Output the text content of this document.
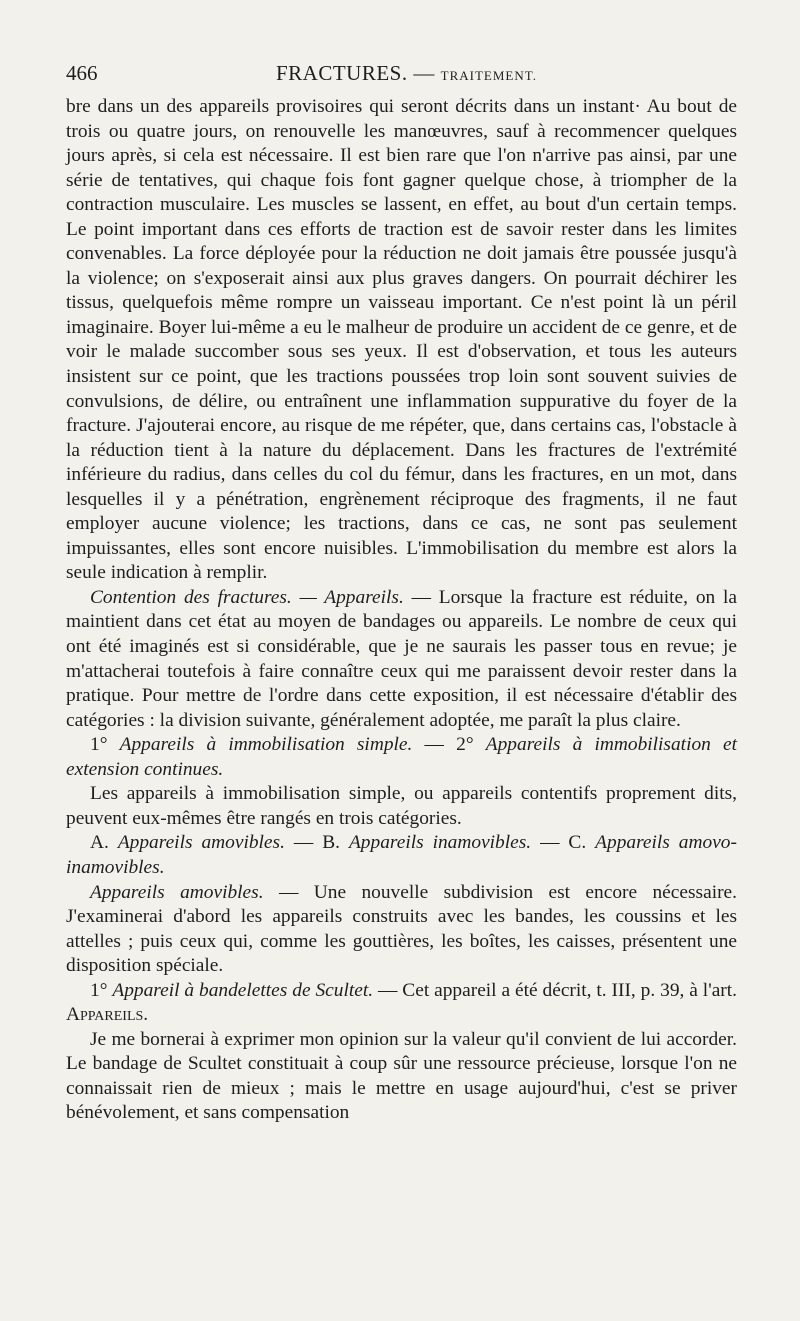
466	FRACTURES. — TRAITEMENT.

bre dans un des appareils provisoires qui seront décrits dans un instant· Au bout de trois ou quatre jours, on renouvelle les manœuvres, sauf à recommencer quelques jours après, si cela est nécessaire. Il est bien rare que l'on n'arrive pas ainsi, par une série de tentatives, qui chaque fois font gagner quelque chose, à triompher de la contraction musculaire. Les muscles se lassent, en effet, au bout d'un certain temps. Le point important dans ces efforts de traction est de savoir rester dans les limites convenables. La force déployée pour la réduction ne doit jamais être poussée jusqu'à la violence; on s'exposerait ainsi aux plus graves dangers. On pourrait déchirer les tissus, quelquefois même rompre un vaisseau important. Ce n'est point là un péril imaginaire. Boyer lui-même a eu le malheur de produire un accident de ce genre, et de voir le malade succomber sous ses yeux. Il est d'observation, et tous les auteurs insistent sur ce point, que les tractions poussées trop loin sont souvent suivies de convulsions, de délire, ou entraînent une inflammation suppurative du foyer de la fracture. J'ajouterai encore, au risque de me répéter, que, dans certains cas, l'obstacle à la réduction tient à la nature du déplacement. Dans les fractures de l'extrémité inférieure du radius, dans celles du col du fémur, dans les fractures, en un mot, dans lesquelles il y a pénétration, engrènement réciproque des fragments, il ne faut employer aucune violence; les tractions, dans ce cas, ne sont pas seulement impuissantes, elles sont encore nuisibles. L'immobilisation du membre est alors la seule indication à remplir.

Contention des fractures. — Appareils. — Lorsque la fracture est réduite, on la maintient dans cet état au moyen de bandages ou appareils. Le nombre de ceux qui ont été imaginés est si considérable, que je ne saurais les passer tous en revue; je m'attacherai toutefois à faire connaître ceux qui me paraissent devoir rester dans la pratique. Pour mettre de l'ordre dans cette exposition, il est nécessaire d'établir des catégories : la division suivante, généralement adoptée, me paraît la plus claire.

1° Appareils à immobilisation simple. — 2° Appareils à immobilisation et extension continues.

Les appareils à immobilisation simple, ou appareils contentifs proprement dits, peuvent eux-mêmes être rangés en trois catégories.

A. Appareils amovibles. — B. Appareils inamovibles. — C. Appareils amovo-inamovibles.

Appareils amovibles. — Une nouvelle subdivision est encore nécessaire. J'examinerai d'abord les appareils construits avec les bandes, les coussins et les attelles ; puis ceux qui, comme les gouttières, les boîtes, les caisses, présentent une disposition spéciale.

1° Appareil à bandelettes de Scultet. — Cet appareil a été décrit, t. III, p. 39, à l'art. Appareils.

Je me bornerai à exprimer mon opinion sur la valeur qu'il convient de lui accorder. Le bandage de Scultet constituait à coup sûr une ressource précieuse, lorsque l'on ne connaissait rien de mieux ; mais le mettre en usage aujourd'hui, c'est se priver bénévolement, et sans compensation
